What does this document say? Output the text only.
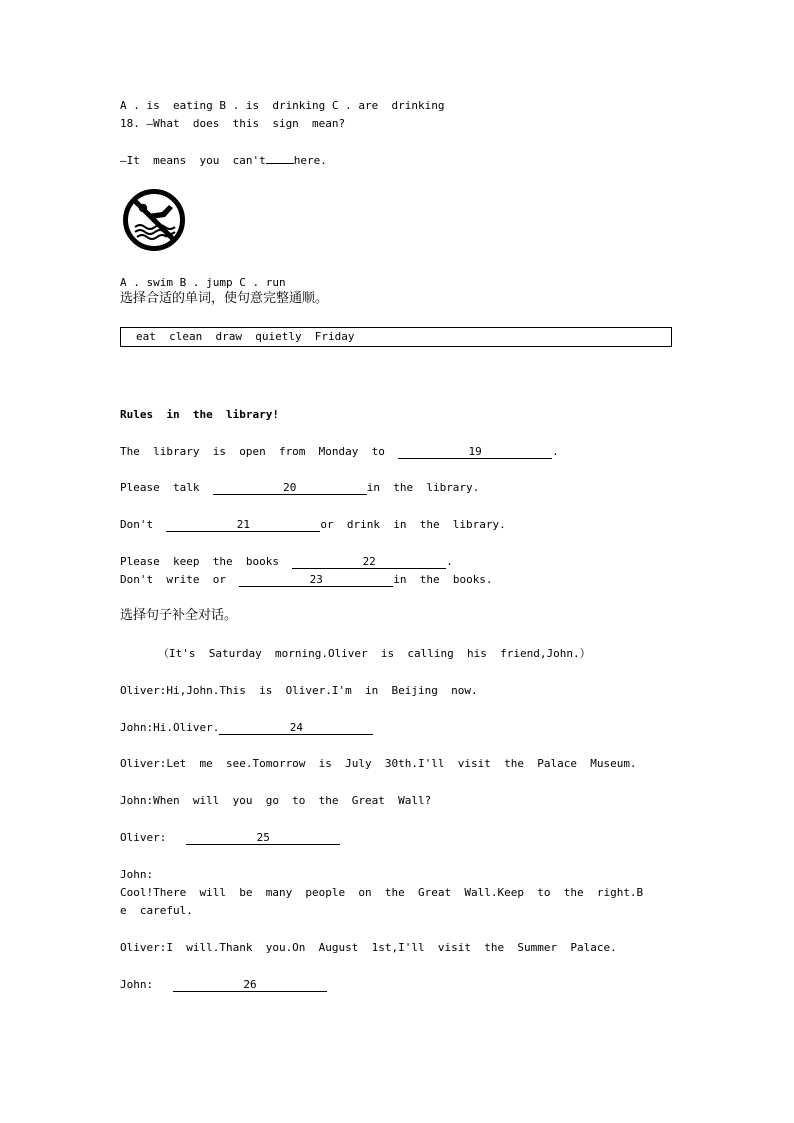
A . is  eating B . is  drinking C . are  drinking
18. —What  does  this  sign  mean?
—It  means  you  can't	here.
A . swim B . jump C . run
选择合适的单词，使句意完整通顺。
eat  clean  draw  quietly  Friday
Rules  in  the  library!
The  library  is  open  from  Monday  to	19	.
Please  talk	20	in  the  library.
Don't	21	or  drink  in  the  library.
Please  keep  the  books	22	.
Don't  write  or	23	in  the  books.
选择句子补全对话。
（It's  Saturday  morning.Oliver  is  calling  his  friend,John.）
Oliver:Hi,John.This  is  Oliver.I'm  in  Beijing  now.
John:Hi.Oliver.	24
Oliver:Let  me  see.Tomorrow  is  July  30th.I'll  visit  the  Palace  Museum.
John:When  will  you  go  to  the  Great  Wall?
Oliver:	25
John:
Cool!There  will  be  many  people  on  the  Great  Wall.Keep  to  the  right.B
e  careful.
Oliver:I  will.Thank  you.On  August  1st,I'll  visit  the  Summer  Palace.
John:	26
